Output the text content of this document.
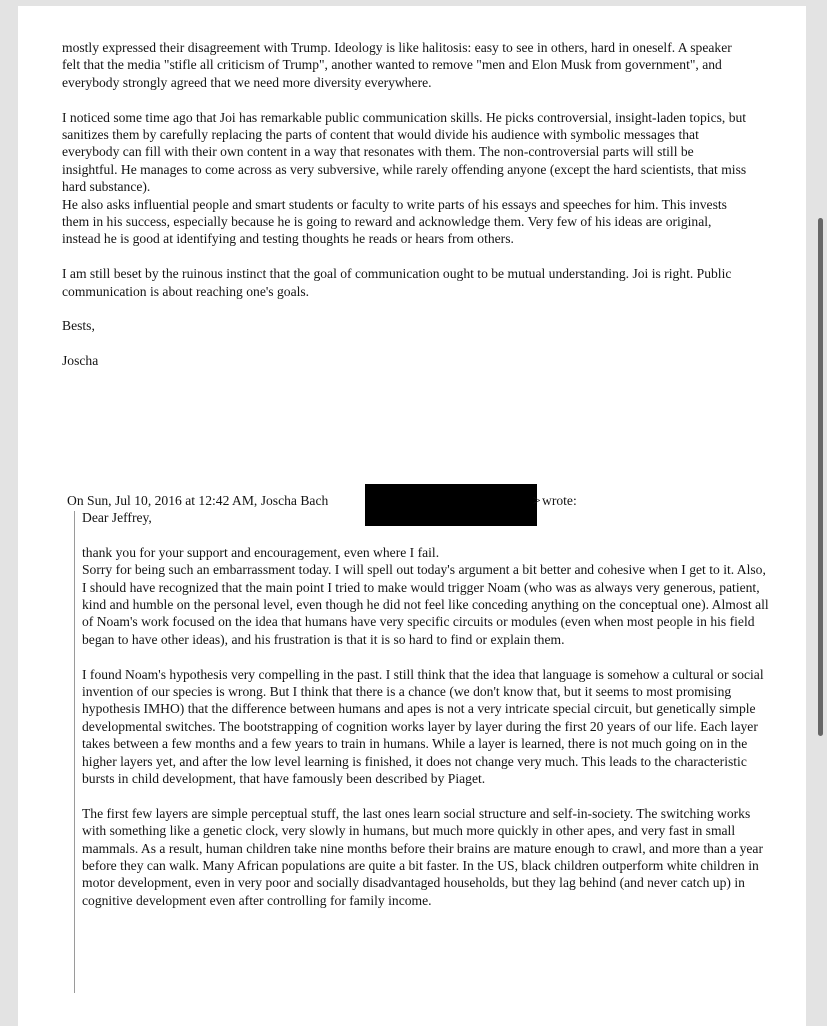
mostly expressed their disagreement with Trump. Ideology is like halitosis: easy to see in others, hard in oneself. A speaker felt that the media "stifle all criticism of Trump", another wanted to remove "men and Elon Musk from government", and everybody strongly agreed that we need more diversity everywhere.

I noticed some time ago that Joi has remarkable public communication skills. He picks controversial, insight-laden topics, but sanitizes them by carefully replacing the parts of content that would divide his audience with symbolic messages that everybody can fill with their own content in a way that resonates with them. The non-controversial parts will still be insightful. He manages to come across as very subversive, while rarely offending anyone (except the hard scientists, that miss hard substance).

He also asks influential people and smart students or faculty to write parts of his essays and speeches for him. This invests them in his success, especially because he is going to reward and acknowledge them. Very few of his ideas are original, instead he is good at identifying and testing thoughts he reads or hears from others.

I am still beset by the ruinous instinct that the goal of communication ought to be mutual understanding. Joi is right. Public communication is about reaching one's goals.

Bests,

Joscha

On Sun, Jul 10, 2016 at 12:42 AM, Joscha Bach	> wrote:

Dear Jeffrey,

thank you for your support and encouragement, even where I fail.

Sorry for being such an embarrassment today. I will spell out today's argument a bit better and cohesive when I get to it. Also, I should have recognized that the main point I tried to make would trigger Noam (who was as always very generous, patient, kind and humble on the personal level, even though he did not feel like conceding anything on the conceptual one). Almost all of Noam's work focused on the idea that humans have very specific circuits or modules (even when most people in his field began to have other ideas), and his frustration is that it is so hard to find or explain them.

I found Noam's hypothesis very compelling in the past. I still think that the idea that language is somehow a cultural or social invention of our species is wrong. But I think that there is a chance (we don't know that, but it seems to most promising hypothesis IMHO) that the difference between humans and apes is not a very intricate special circuit, but genetically simple developmental switches. The bootstrapping of cognition works layer by layer during the first 20 years of our life. Each layer takes between a few months and a few years to train in humans. While a layer is learned, there is not much going on in the higher layers yet, and after the low level learning is finished, it does not change very much. This leads to the characteristic bursts in child development, that have famously been described by Piaget.

The first few layers are simple perceptual stuff, the last ones learn social structure and self-in-society. The switching works with something like a genetic clock, very slowly in humans, but much more quickly in other apes, and very fast in small mammals. As a result, human children take nine months before their brains are mature enough to crawl, and more than a year before they can walk. Many African populations are quite a bit faster. In the US, black children outperform white children in motor development, even in very poor and socially disadvantaged households, but they lag behind (and never catch up) in cognitive development even after controlling for family income.
